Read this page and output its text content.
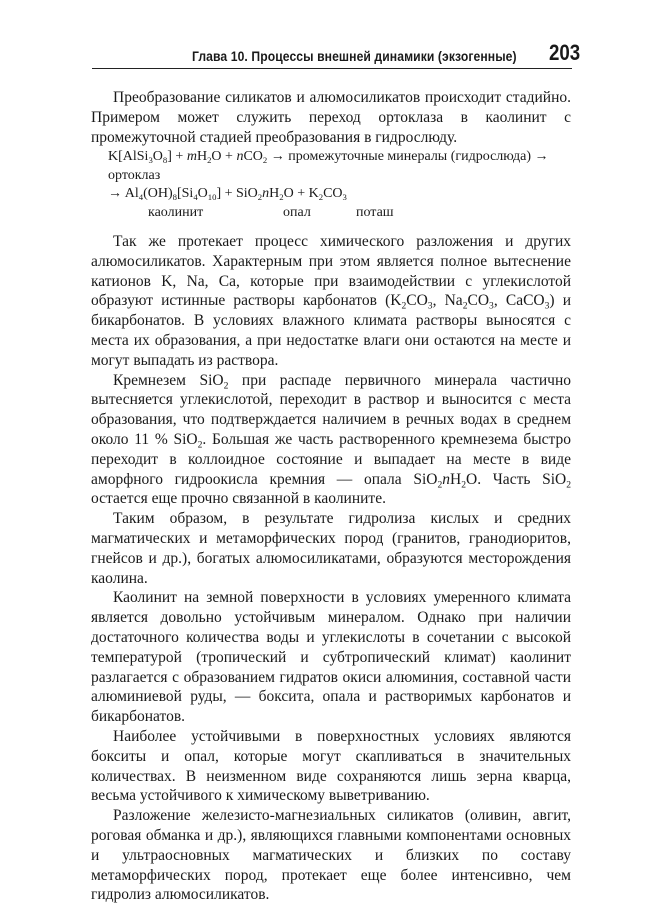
Глава 10. Процессы внешней динамики (экзогенные) 203

Преобразование силикатов и алюмосиликатов происходит стадийно. Примером может служить переход ортоклаза в каолинит с промежуточной стадией преобразования в гидрослюду.

$K[AlSi_3O_8] + mH_2O + nCO_2$ → промежуточные минералы (гидрослюда) →
ортоклаз
→ $Al_4(OH)_8[Si_4O_{10}] + SiO_2nH_2O + K_2CO_3$
каолинит	опал	поташ

Так же протекает процесс химического разложения и других алюмосиликатов. Характерным при этом является полное вытеснение катионов K, Na, Ca, которые при взаимодействии с углекислотой образуют истинные растворы карбонатов ($K_2CO_3$, $Na_2CO_3$, CaCO$_3$) и бикарбонатов. В условиях влажного климата растворы выносятся с места их образования, а при недостатке влаги они остаются на месте и могут выпадать из раствора.

Кремнезем SiO$_2$ при распаде первичного минерала частично вытесняется углекислотой, переходит в раствор и выносится с места образования, что подтверждается наличием в речных водах в среднем около 11 % SiO$_2$. Большая же часть растворенного кремнезема быстро переходит в коллоидное состояние и выпадает на месте в виде аморфного гидроокисла кремния — опала $SiO_2nH_2O$. Часть SiO$_2$ остается еще прочно связанной в каолините.

Таким образом, в результате гидролиза кислых и средних магматических и метаморфических пород (гранитов, гранодиоритов, гнейсов и др.), богатых алюмосиликатами, образуются месторождения каолина.

Каолинит на земной поверхности в условиях умеренного климата является довольно устойчивым минералом. Однако при наличии достаточного количества воды и углекислоты в сочетании с высокой температурой (тропический и субтропический климат) каолинит разлагается с образованием гидратов окиси алюминия, составной части алюминиевой руды, — боксита, опала и растворимых карбонатов и бикарбонатов.

Наиболее устойчивыми в поверхностных условиях являются бокситы и опал, которые могут скапливаться в значительных количествах. В неизменном виде сохраняются лишь зерна кварца, весьма устойчивого к химическому выветриванию.

Разложение железисто-магнезиальных силикатов (оливин, авгит, роговая обманка и др.), являющихся главными компонентами основных и ультраосновных магматических и близких по составу метаморфических пород, протекает еще более интенсивно, чем гидролиз алюмосиликатов.
